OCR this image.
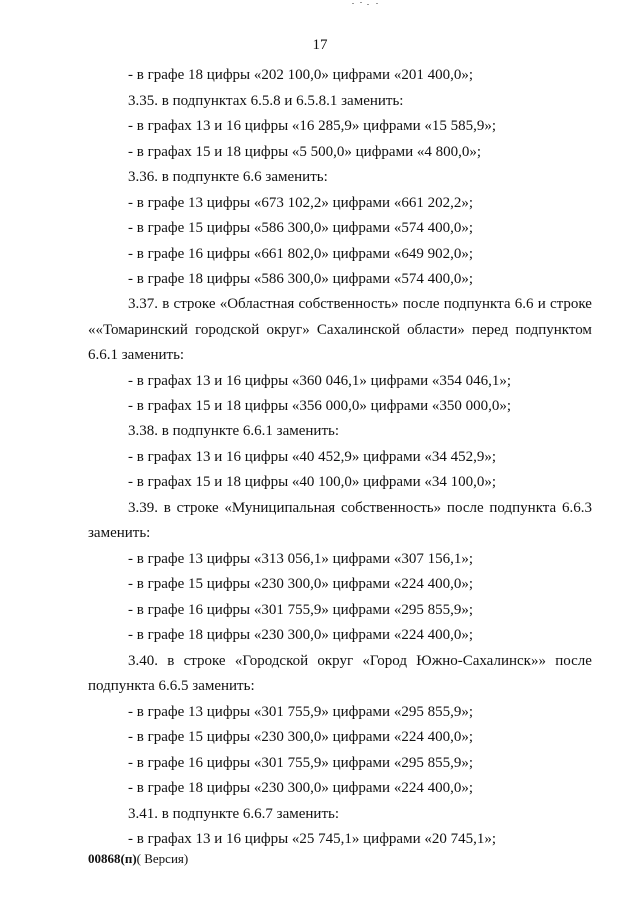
17
- в графе 18 цифры «202 100,0» цифрами «201 400,0»;
3.35. в подпунктах 6.5.8 и 6.5.8.1 заменить:
- в графах 13 и 16 цифры «16 285,9» цифрами «15 585,9»;
- в графах 15 и 18 цифры «5 500,0» цифрами «4 800,0»;
3.36. в подпункте 6.6 заменить:
- в графе 13 цифры «673 102,2» цифрами «661 202,2»;
- в графе 15 цифры «586 300,0» цифрами «574 400,0»;
- в графе 16 цифры «661 802,0» цифрами «649 902,0»;
- в графе 18 цифры «586 300,0» цифрами «574 400,0»;
3.37. в строке «Областная собственность» после подпункта 6.6 и строке
««Томаринский городской округ» Сахалинской области» перед подпунктом
6.6.1 заменить:
- в графах 13 и 16 цифры «360 046,1» цифрами «354 046,1»;
- в графах 15 и 18 цифры «356 000,0» цифрами «350 000,0»;
3.38. в подпункте 6.6.1 заменить:
- в графах 13 и 16 цифры «40 452,9» цифрами «34 452,9»;
- в графах 15 и 18 цифры «40 100,0» цифрами «34 100,0»;
3.39. в строке «Муниципальная собственность» после подпункта 6.6.3
заменить:
- в графе 13 цифры «313 056,1» цифрами «307 156,1»;
- в графе 15 цифры «230 300,0» цифрами «224 400,0»;
- в графе 16 цифры «301 755,9» цифрами «295 855,9»;
- в графе 18 цифры «230 300,0» цифрами «224 400,0»;
3.40. в строке «Городской округ «Город Южно-Сахалинск»» после
подпункта 6.6.5 заменить:
- в графе 13 цифры «301 755,9» цифрами «295 855,9»;
- в графе 15 цифры «230 300,0» цифрами «224 400,0»;
- в графе 16 цифры «301 755,9» цифрами «295 855,9»;
- в графе 18 цифры «230 300,0» цифрами «224 400,0»;
3.41. в подпункте 6.6.7 заменить:
- в графах 13 и 16 цифры «25 745,1» цифрами «20 745,1»;
00868(п)( Версия)
